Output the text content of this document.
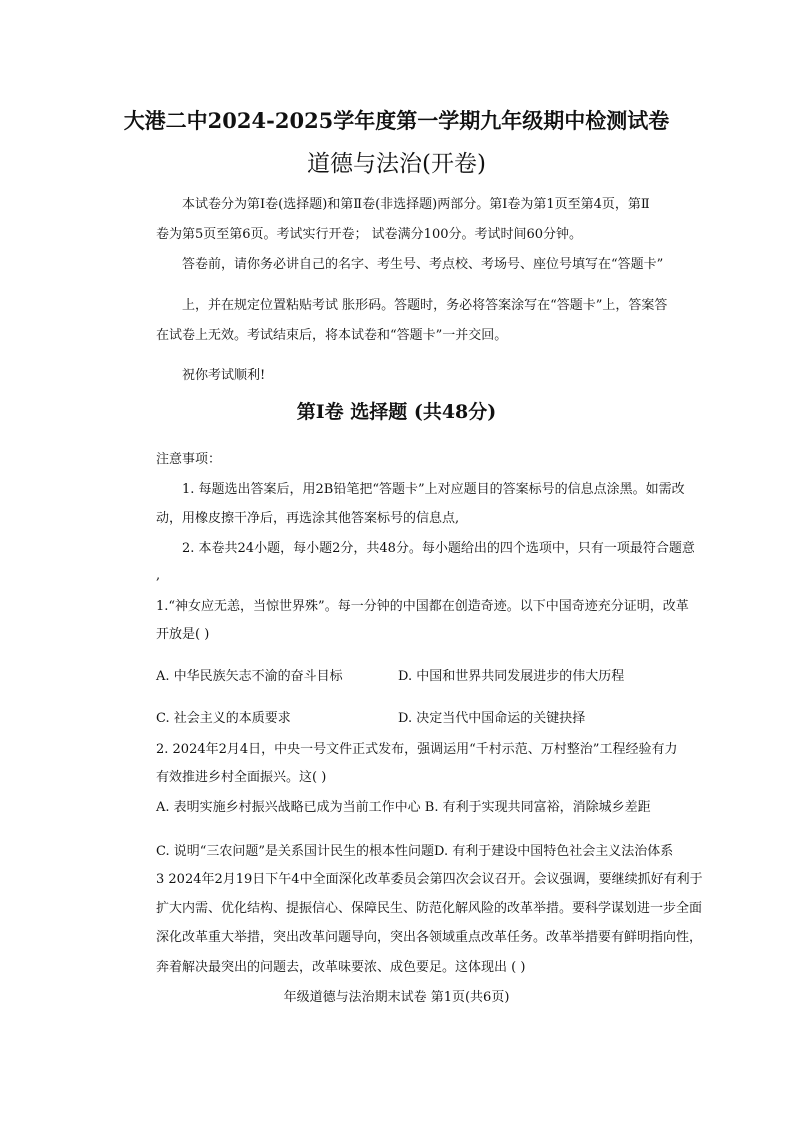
大港二中2024-2025学年度第一学期九年级期中检测试卷
道德与法治(开卷)
本试卷分为第Ⅰ卷(选择题)和第Ⅱ卷(非选择题)两部分。第Ⅰ卷为第1页至第4页，第Ⅱ
卷为第5页至第6页。考试实行开卷； 试卷满分100分。考试时间60分钟。
答卷前，请你务必讲自己的名字、考生号、考点校、考场号、座位号填写在“答题卡”
上，并在规定位置粘贴考试 胀形码。答题时，务必将答案涂写在“答题卡”上，答案答
在试卷上无效。考试结束后，将本试卷和“答题卡”一并交回。
祝你考试顺利!
第Ⅰ卷 选择题 (共48分)
注意事项：
1. 每题选出答案后，用2B铅笔把“答题卡”上对应题目的答案标号的信息点涂黑。如需改
动，用橡皮擦干净后，再选涂其他答案标号的信息点,
2. 本卷共24小题，每小题2分，共48分。每小题给出的四个选项中，只有一项最符合题意
,
1.“神女应无恙，当惊世界殊”。每一分钟的中国都在创造奇迹。以下中国奇迹充分证明，改革
开放是( )
A. 中华民族矢志不渝的奋斗目标	D. 中国和世界共同发展进步的伟大历程
C. 社会主义的本质要求	D. 决定当代中国命运的关键抉择
2. 2024年2月4日，中央一号文件正式发布，强调运用“千村示范、万村整治”工程经验有力
有效推进乡村全面振兴。这( )
A. 表明实施乡村振兴战略已成为当前工作中心 B. 有利于实现共同富裕，消除城乡差距
C. 说明“三农问题”是关系国计民生的根本性问题D. 有利于建设中国特色社会主义法治体系
3 2024年2月19日下午4中全面深化改革委员会第四次会议召开。会议强调，要继续抓好有利于
扩大内需、优化结构、提振信心、保障民生、防范化解风险的改革举措。要科学谋划进一步全面
深化改革重大举措，突出改革问题导向，突出各领域重点改革任务。改革举措要有鲜明指向性，
奔着解决最突出的问题去，改革味要浓、成色要足。这体现出 ( )
年级道德与法治期末试卷 第1页(共6页)
